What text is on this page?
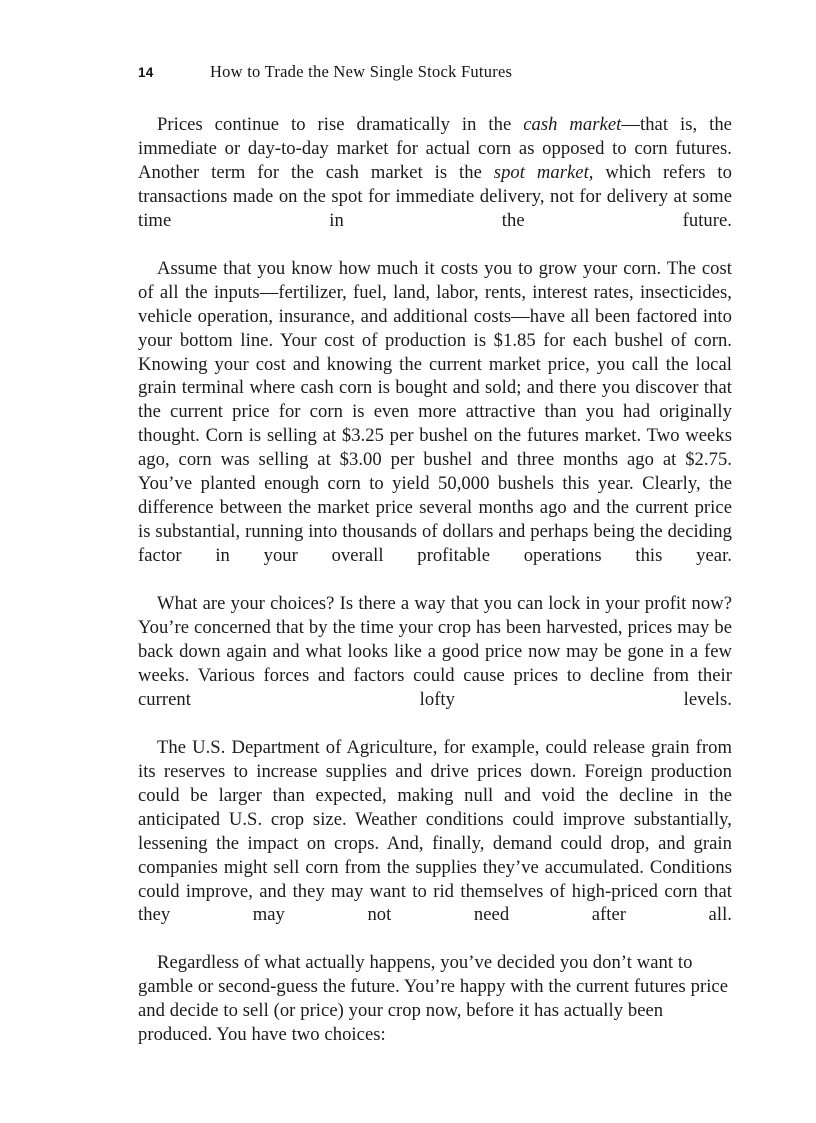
14	How to Trade the New Single Stock Futures

Prices continue to rise dramatically in the cash market—that is, the immediate or day-to-day market for actual corn as opposed to corn futures. Another term for the cash market is the spot market, which refers to transactions made on the spot for immediate delivery, not for delivery at some time in the future.

Assume that you know how much it costs you to grow your corn. The cost of all the inputs—fertilizer, fuel, land, labor, rents, interest rates, insecticides, vehicle operation, insurance, and additional costs—have all been factored into your bottom line. Your cost of production is $1.85 for each bushel of corn. Knowing your cost and knowing the current market price, you call the local grain terminal where cash corn is bought and sold; and there you discover that the current price for corn is even more attractive than you had originally thought. Corn is selling at $3.25 per bushel on the futures market. Two weeks ago, corn was selling at $3.00 per bushel and three months ago at $2.75. You’ve planted enough corn to yield 50,000 bushels this year. Clearly, the difference between the market price several months ago and the current price is substantial, running into thousands of dollars and perhaps being the deciding factor in your overall profitable operations this year.

What are your choices? Is there a way that you can lock in your profit now? You’re concerned that by the time your crop has been harvested, prices may be back down again and what looks like a good price now may be gone in a few weeks. Various forces and factors could cause prices to decline from their current lofty levels.

The U.S. Department of Agriculture, for example, could release grain from its reserves to increase supplies and drive prices down. Foreign production could be larger than expected, making null and void the decline in the anticipated U.S. crop size. Weather conditions could improve substantially, lessening the impact on crops. And, finally, demand could drop, and grain companies might sell corn from the supplies they’ve accumulated. Conditions could improve, and they may want to rid themselves of high-priced corn that they may not need after all.

Regardless of what actually happens, you’ve decided you don’t want to gamble or second-guess the future. You’re happy with the current futures price and decide to sell (or price) your crop now, before it has actually been produced. You have two choices:
